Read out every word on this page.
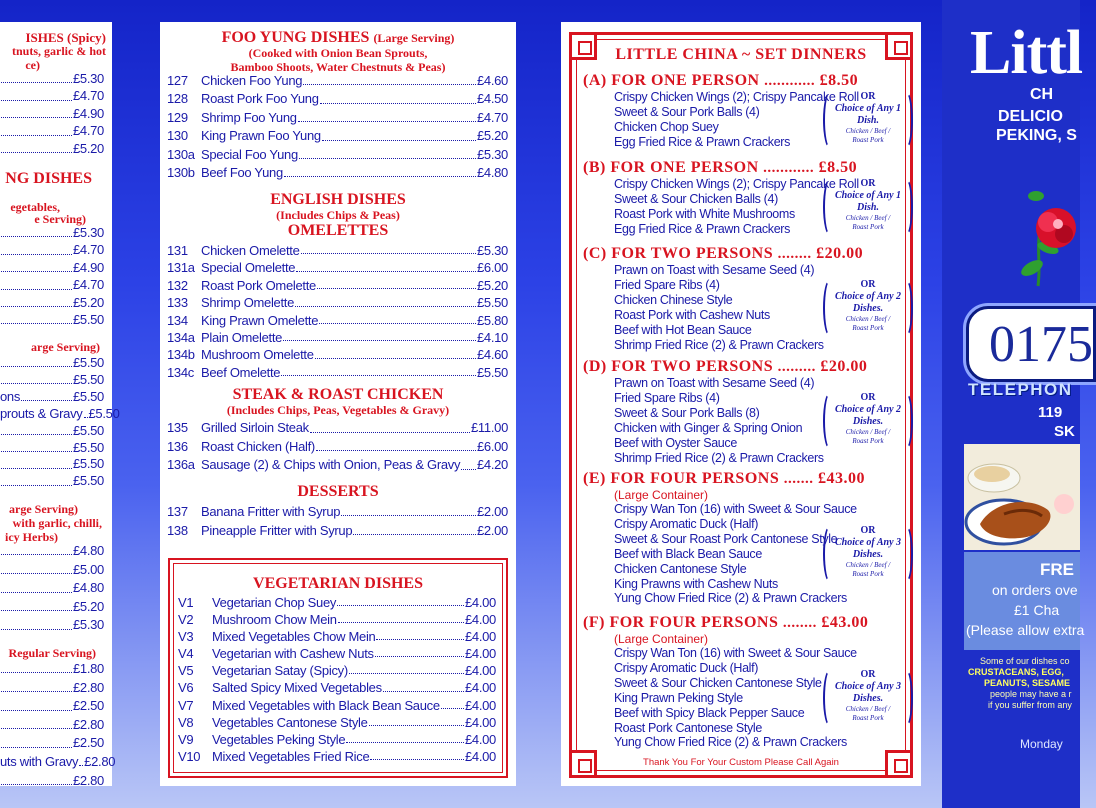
ISHES (Spicy)
tnuts, garlic & hot
ce)
£5.30
£4.70
£4.90
£4.70
£5.20
NG DISHES
egetables,
e Serving)
£5.30
£4.70
£4.90
£4.70
£5.20
£5.50
arge Serving)
£5.50
£5.50
ons	£5.50
prouts & Gravy £5.50
£5.50
£5.50
£5.50
£5.50
arge Serving)
with garlic, chilli,
icy Herbs)
£4.80
£5.00
£4.80
£5.20
£5.30
Regular Serving)
£1.80
£2.80
£2.50
£2.80
£2.50
uts with Gravy £2.80
£2.80
FOO YUNG DISHES (Large Serving)
(Cooked with Onion Bean Sprouts,
Bamboo Shoots, Water Chestnuts & Peas)
127	Chicken Foo Yung	£4.60
128	Roast Pork Foo Yung	£4.50
129	Shrimp Foo Yung	£4.70
130	King Prawn Foo Yung	£5.20
130a Special Foo Yung	£5.30
130b Beef Foo Yung	£4.80
ENGLISH DISHES
(Includes Chips & Peas)
OMELETTES
131	Chicken Omelette	£5.30
131a Special Omelette	£6.00
132	Roast Pork Omelette	£5.20
133	Shrimp Omelette	£5.50
134	King Prawn Omelette	£5.80
134a Plain Omelette	£4.10
134b Mushroom Omelette	£4.60
134c Beef Omelette	£5.50
STEAK & ROAST CHICKEN
(Includes Chips, Peas, Vegetables & Gravy)
135	Grilled Sirloin Steak	£11.00
136	Roast Chicken (Half)	£6.00
136a Sausage (2) & Chips with Onion, Peas & Gravy £4.20
DESSERTS
137	Banana Fritter with Syrup	£2.00
138	Pineapple Fritter with Syrup	£2.00
VEGETARIAN DISHES
V1	Vegetarian Chop Suey	£4.00
V2	Mushroom Chow Mein	£4.00
V3	Mixed Vegetables Chow Mein	£4.00
V4	Vegetarian with Cashew Nuts	£4.00
V5	Vegetarian Satay (Spicy)	£4.00
V6	Salted Spicy Mixed Vegetables	£4.00
V7	Mixed Vegetables with Black Bean Sauce £4.00
V8	Vegetables Cantonese Style	£4.00
V9	Vegetables Peking Style	£4.00
V10 Mixed Vegetables Fried Rice	£4.00
LITTLE CHINA ~ SET DINNERS
(A) FOR ONE PERSON ............ £8.50
Crispy Chicken Wings (2); Crispy Pancake Roll
Sweet & Sour Pork Balls (4)
Chicken Chop Suey
Egg Fried Rice & Prawn Crackers
(B) FOR ONE PERSON ............ £8.50
Crispy Chicken Wings (2); Crispy Pancake Roll
Sweet & Sour Chicken Balls (4)
Roast Pork with White Mushrooms
Egg Fried Rice & Prawn Crackers
(C) FOR TWO PERSONS ........ £20.00
Prawn on Toast with Sesame Seed (4)
Fried Spare Ribs (4)
Chicken Chinese Style
Roast Pork with Cashew Nuts
Beef with Hot Bean Sauce
Shrimp Fried Rice (2) & Prawn Crackers
(D) FOR TWO PERSONS ......... £20.00
Prawn on Toast with Sesame Seed (4)
Fried Spare Ribs (4)
Sweet & Sour Pork Balls (8)
Chicken with Ginger & Spring Onion
Beef with Oyster Sauce
Shrimp Fried Rice (2) & Prawn Crackers
(E) FOR FOUR PERSONS ....... £43.00
(Large Container)
Crispy Wan Ton (16) with Sweet & Sour Sauce
Crispy Aromatic Duck (Half)
Sweet & Sour Roast Pork Cantonese Style
Beef with Black Bean Sauce
Chicken Cantonese Style
King Prawns with Cashew Nuts
Yung Chow Fried Rice (2) & Prawn Crackers
(F) FOR FOUR PERSONS ........ £43.00
(Large Container)
Crispy Wan Ton (16) with Sweet & Sour Sauce
Crispy Aromatic Duck (Half)
Sweet & Sour Chicken Cantonese Style
King Prawn Peking Style
Beef with Spicy Black Pepper Sauce
Roast Pork Cantonese Style
Yung Chow Fried Rice (2) & Prawn Crackers
Thank You For Your Custom Please Call Again
OR
Choice of Any 1 Dish.
Chicken / Beef / Roast Pork
OR
Choice of Any 1 Dish.
Chicken / Beef / Roast Pork
OR
Choice of Any 2 Dishes.
Chicken / Beef / Roast Pork
OR
Choice of Any 2 Dishes.
Chicken / Beef / Roast Pork
OR
Choice of Any 3 Dishes.
Chicken / Beef / Roast Pork
OR
Choice of Any 3 Dishes.
Chicken / Beef / Roast Pork
Littl
CH
DELICIO
PEKING, S
0175
TELEPHON
119
SK
FRE
on orders ove
£1 Cha
(Please allow extra
Some of our dishes co
CRUSTACEANS, EGG,
PEANUTS, SESAME
people may have a r
if you suffer from any
Monday
